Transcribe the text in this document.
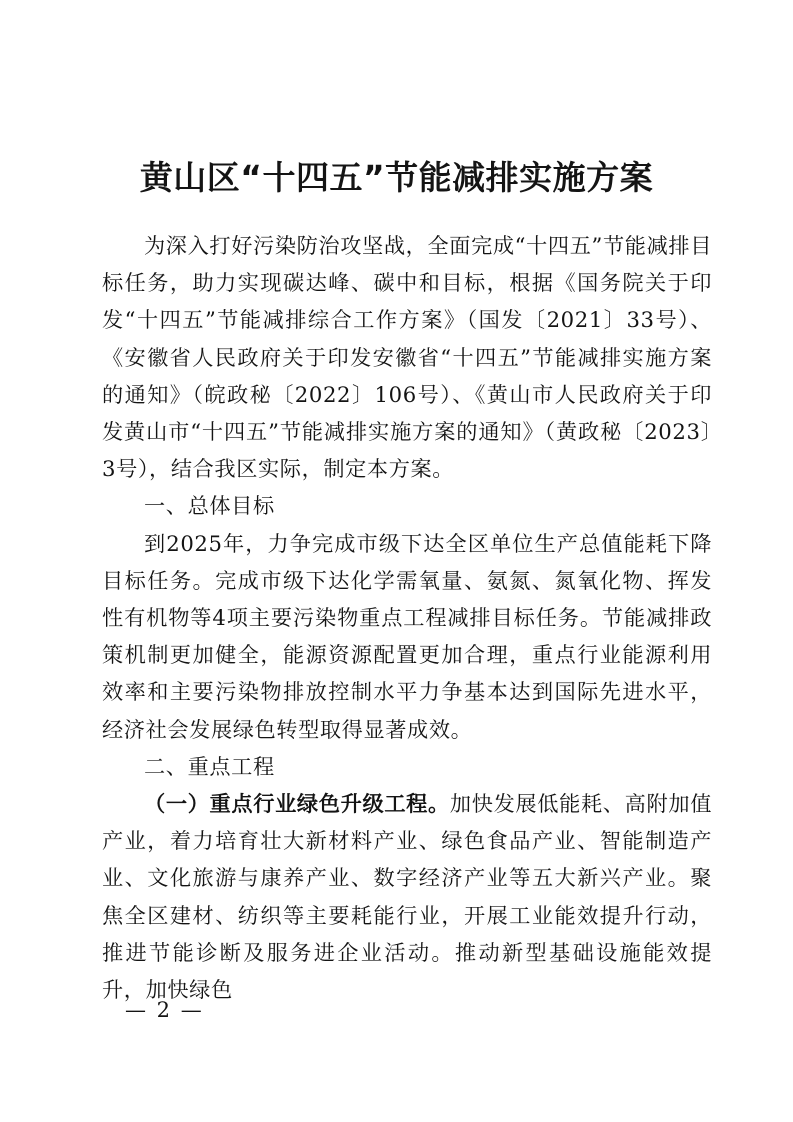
黄山区“十四五”节能减排实施方案

为深入打好污染防治攻坚战，全面完成“十四五”节能减排目标任务，助力实现碳达峰、碳中和目标，根据《国务院关于印发“十四五”节能减排综合工作方案》（国发〔2021〕33号）、《安徽省人民政府关于印发安徽省“十四五”节能减排实施方案的通知》（皖政秘〔2022〕106号）、《黄山市人民政府关于印发黄山市“十四五”节能减排实施方案的通知》（黄政秘〔2023〕3号），结合我区实际，制定本方案。

一、总体目标

到2025年，力争完成市级下达全区单位生产总值能耗下降目标任务。完成市级下达化学需氧量、氨氮、氮氧化物、挥发性有机物等4项主要污染物重点工程减排目标任务。节能减排政策机制更加健全，能源资源配置更加合理，重点行业能源利用效率和主要污染物排放控制水平力争基本达到国际先进水平，经济社会发展绿色转型取得显著成效。

二、重点工程

（一）重点行业绿色升级工程。加快发展低能耗、高附加值产业，着力培育壮大新材料产业、绿色食品产业、智能制造产业、文化旅游与康养产业、数字经济产业等五大新兴产业。聚焦全区建材、纺织等主要耗能行业，开展工业能效提升行动，推进节能诊断及服务进企业活动。推动新型基础设施能效提升，加快绿色

— 2 —
